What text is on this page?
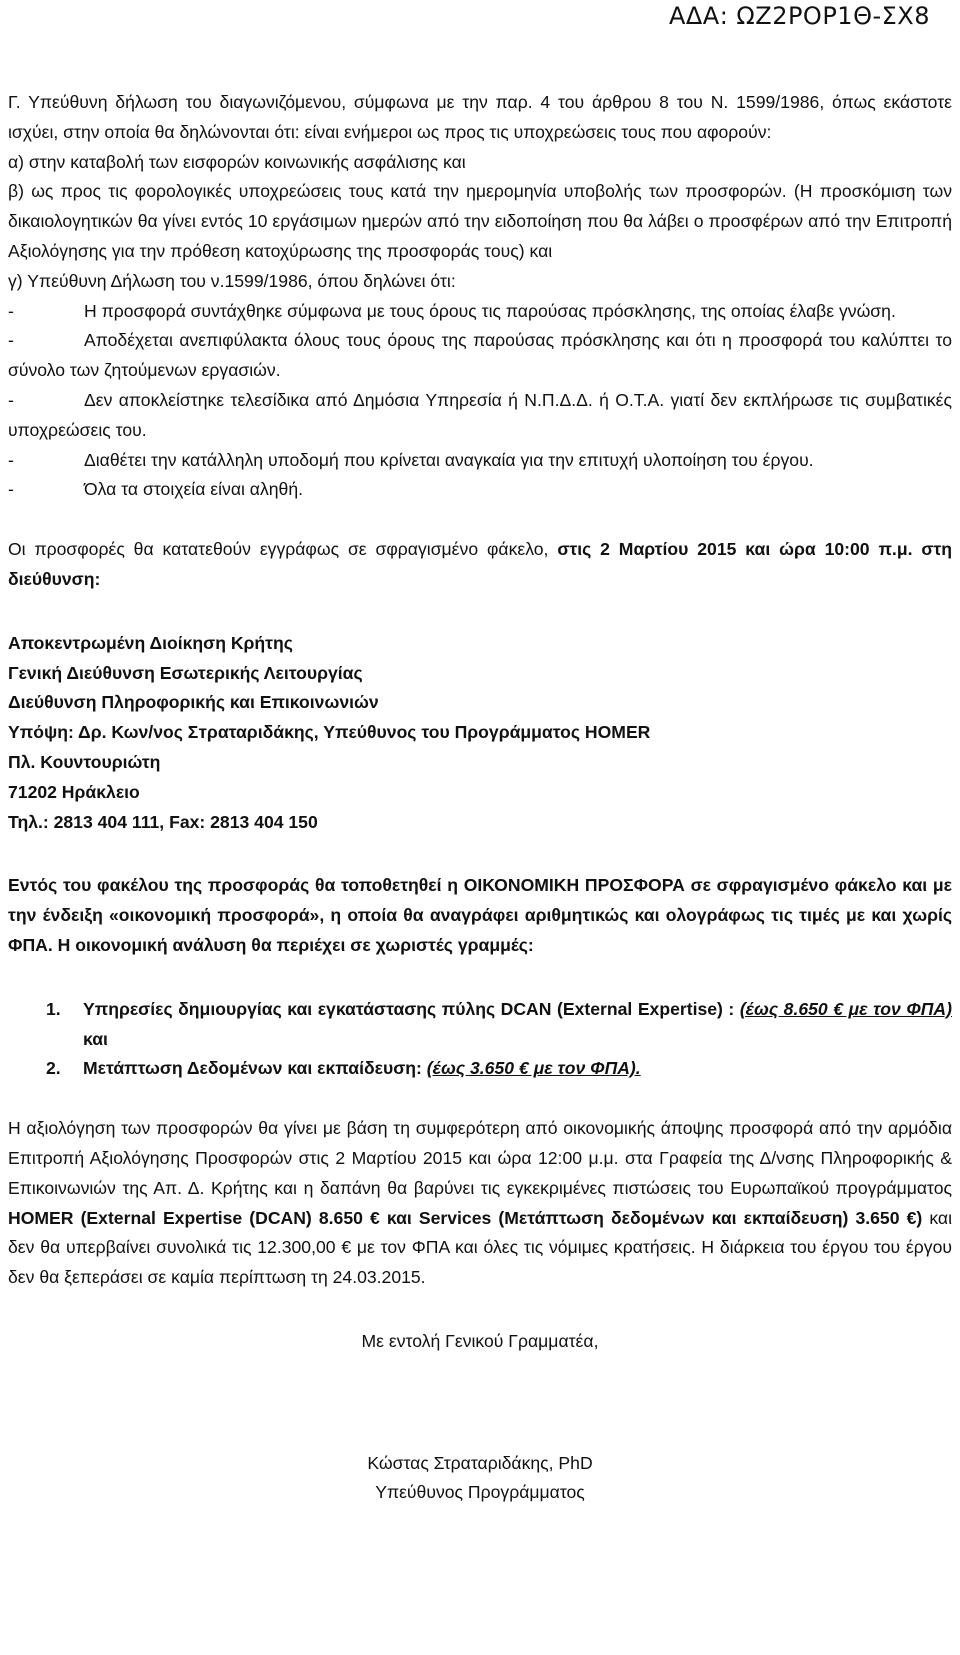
ΑΔΑ: ΩΖ2ΡΟΡ1Θ-ΣΧ8

Γ. Υπεύθυνη δήλωση του διαγωνιζόμενου, σύμφωνα με την παρ. 4 του άρθρου 8 του Ν. 1599/1986, όπως εκάστοτε ισχύει, στην οποία θα δηλώνονται ότι: είναι ενήμεροι ως προς τις υποχρεώσεις τους που αφορούν:

α) στην καταβολή των εισφορών κοινωνικής ασφάλισης και

β) ως προς τις φορολογικές υποχρεώσεις τους κατά την ημερομηνία υποβολής των προσφορών. (Η προσκόμιση των δικαιολογητικών θα γίνει εντός 10 εργάσιμων ημερών από την ειδοποίηση που θα λάβει ο προσφέρων από την Επιτροπή Αξιολόγησης για την πρόθεση κατοχύρωσης της προσφοράς τους) και

γ) Υπεύθυνη Δήλωση του ν.1599/1986, όπου δηλώνει ότι:

-	Η προσφορά συντάχθηκε σύμφωνα με τους όρους τις παρούσας πρόσκλησης, της οποίας έλαβε γνώση.

-	Αποδέχεται ανεπιφύλακτα όλους τους όρους της παρούσας πρόσκλησης και ότι η προσφορά του καλύπτει το σύνολο των ζητούμενων εργασιών.

-	Δεν αποκλείστηκε τελεσίδικα από Δημόσια Υπηρεσία ή Ν.Π.Δ.Δ. ή Ο.Τ.Α. γιατί δεν εκπλήρωσε τις συμβατικές υποχρεώσεις του.

-	Διαθέτει την κατάλληλη υποδομή που κρίνεται αναγκαία για την επιτυχή υλοποίηση του έργου.

-	Όλα τα στοιχεία είναι αληθή.

Οι προσφορές θα κατατεθούν εγγράφως σε σφραγισμένο φάκελο, στις 2 Μαρτίου 2015 και ώρα 10:00 π.μ. στη διεύθυνση:

Αποκεντρωμένη Διοίκηση Κρήτης

Γενική Διεύθυνση Εσωτερικής Λειτουργίας

Διεύθυνση Πληροφορικής και Επικοινωνιών

Υπόψη: Δρ. Κων/νος Σтραταριδάκης, Υπεύθυνος του Προγράμματος HOMER

Πλ. Κουντουριώτη

71202 Ηράκλειο

Τηλ.: 2813 404 111, Fax: 2813 404 150

Εντός του φακέλου της προσφοράς θα τοποθετηθεί η ΟΙΚΟΝΟΜΙΚΗ ΠΡΟΣΦΟΡΑ σε σφραγισμένο φάκελο και με την ένδειξη «οικονομική προσφορά», η οποία θα αναγράφει αριθμητικώς και ολογράφως τις τιμές με και χωρίς ΦΠΑ. Η οικονομική ανάλυση θα περιέχει σε χωριστές γραμμές:

1. Υπηρεσίες δημιουργίας και εγκατάστασης πύλης DCAN (External Expertise) : (έως 8.650 € με τον ΦΠΑ) και
2. Μετάπτωση Δεδομένων και εκπαίδευση: (έως 3.650 € με τον ΦΠΑ).

Η αξιολόγηση των προσφορών θα γίνει με βάση τη συμφερότερη από οικονομικής άποψης προσφορά από την αρμόδια Επιτροπή Αξιολόγησης Προσφορών στις 2 Μαρτίου 2015 και ώρα 12:00 μ.μ. στα Γραφεία της Δ/νσης Πληροφορικής & Επικοινωνιών της Απ. Δ. Κρήτης και η δαπάνη θα βαρύνει τις εγκεκριμένες πιστώσεις του Ευρωπαϊκού προγράμματος HOMER (External Expertise (DCAN) 8.650 € και Services (Μετάπτωση δεδομένων και εκπαίδευση) 3.650 €) και δεν θα υπερβαίνει συνολικά τις 12.300,00 € με τον ΦΠΑ και όλες τις νόμιμες κρατήσεις. Η διάρκεια του έργου του έργου δεν θα ξεπεράσει σε καμία περίπτωση τη 24.03.2015.

Με εντολή Γενικού Γραμματέα,

Κώστας Στραταριδάκης, PhD

Υπεύθυνος Προγράμματος
